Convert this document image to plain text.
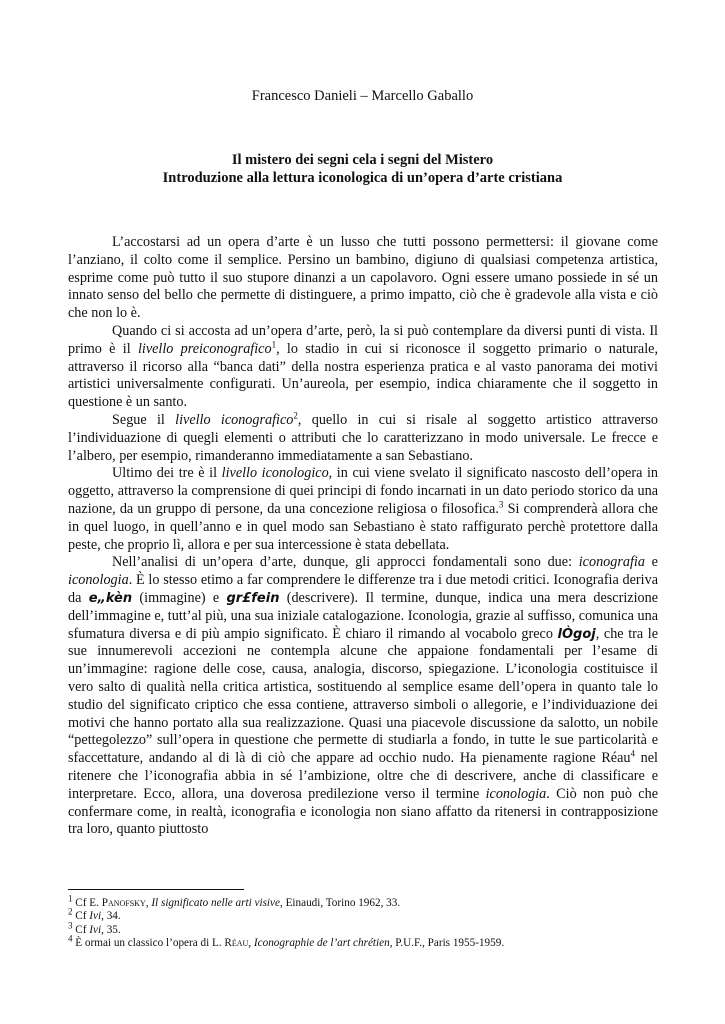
Francesco Danieli – Marcello Gaballo
Il mistero dei segni cela i segni del Mistero
Introduzione alla lettura iconologica di un’opera d’arte cristiana

L’accostarsi ad un opera d’arte è un lusso che tutti possono permettersi: il giovane come l’anziano, il colto come il semplice. Persino un bambino, digiuno di qualsiasi competenza artistica, esprime come può tutto il suo stupore dinanzi a un capolavoro. Ogni essere umano possiede in sé un innato senso del bello che permette di distinguere, a primo impatto, ciò che è gradevole alla vista e ciò che non lo è.

Quando ci si accosta ad un’opera d’arte, però, la si può contemplare da diversi punti di vista. Il primo è il livello preiconografico$^1$, lo stadio in cui si riconosce il soggetto primario o naturale, attraverso il ricorso alla “banca dati” della nostra esperienza pratica e al vasto panorama dei motivi artistici universalmente configurati. Un’aureola, per esempio, indica chiaramente che il soggetto in questione è un santo.

Segue il livello iconografico$^2$, quello in cui si risale al soggetto artistico attraverso l’individuazione di quegli elementi o attributi che lo caratterizzano in modo universale. Le frecce e l’albero, per esempio, rimanderanno immediatamente a san Sebastiano.

Ultimo dei tre è il livello iconologico, in cui viene svelato il significato nascosto dell’opera in oggetto, attraverso la comprensione di quei principi di fondo incarnati in un dato periodo storico da una nazione, da un gruppo di persone, da una concezione religiosa o filosofica.$^3$ Si comprenderà allora che in quel luogo, in quell’anno e in quel modo san Sebastiano è stato raffigurato perchè protettore dalla peste, che proprio lì, allora e per sua intercessione è stata debellata.

Nell’analisi di un’opera d’arte, dunque, gli approcci fondamentali sono due: iconografia e iconologia. È lo stesso etimo a far comprendere le differenze tra i due metodi critici. Iconografia deriva da e„kèn (immagine) e gr£fein (descrivere). Il termine, dunque, indica una mera descrizione dell’immagine e, tutt’al più, una sua iniziale catalogazione. Iconologia, grazie al suffisso, comunica una sfumatura diversa e di più ampio significato. È chiaro il rimando al vocabolo greco lÒgoj, che tra le sue innumerevoli accezioni ne contempla alcune che appaione fondamentali per l’esame di un’immagine: ragione delle cose, causa, analogia, discorso, spiegazione. L’iconologia costituisce il vero salto di qualità nella critica artistica, sostituendo al semplice esame dell’opera in quanto tale lo studio del significato criptico che essa contiene, attraverso simboli o allegorie, e l’individuazione dei motivi che hanno portato alla sua realizzazione. Quasi una piacevole discussione da salotto, un nobile “pettegolezzo” sull’opera in questione che permette di studiarla a fondo, in tutte le sue particolarità e sfaccettature, andando al di là di ciò che appare ad occhio nudo. Ha pienamente ragione Réau$^4$ nel ritenere che l’iconografia abbia in sé l’ambizione, oltre che di descrivere, anche di classificare e interpretare. Ecco, allora, una doverosa predilezione verso il termine iconologia. Ciò non può che confermare come, in realtà, iconografia e iconologia non siano affatto da ritenersi in contrapposizione tra loro, quanto piuttosto

$^1$ Cf E. Panofsky, Il significato nelle arti visive, Einaudi, Torino 1962, 33.
$^2$ Cf Ivi, 34.
$^3$ Cf Ivi, 35.
$^4$ È ormai un classico l’opera di L. Réau, Iconographie de l’art chrétien, P.U.F., Paris 1955-1959.
